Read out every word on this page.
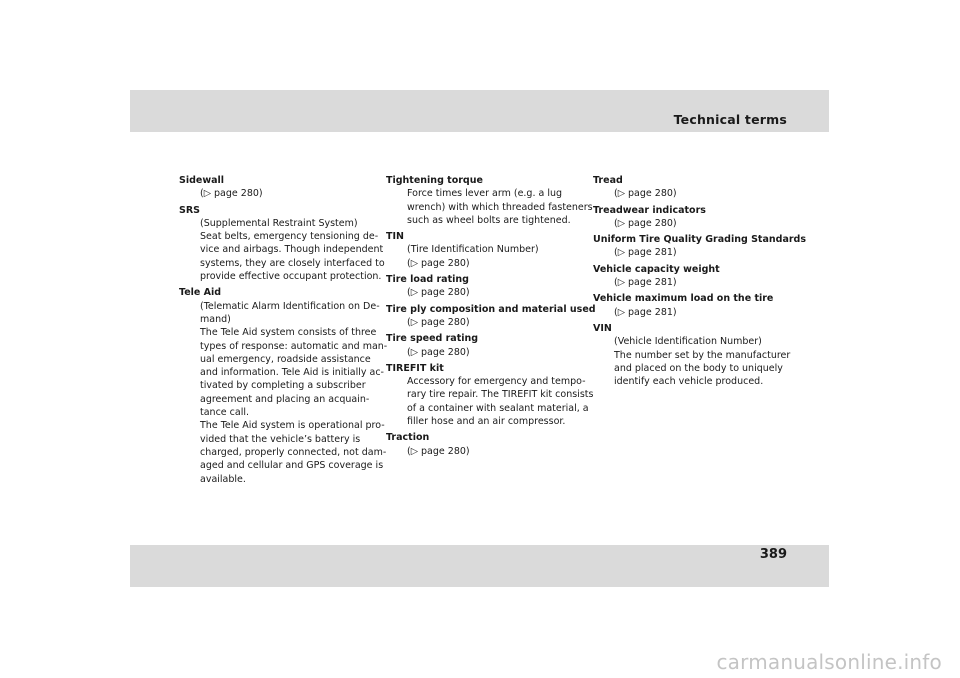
Technical terms
Sidewall
(▷ page 280)
SRS
(Supplemental Restraint System)
Seat belts, emergency tensioning de-
vice and airbags. Though independent
systems, they are closely interfaced to
provide effective occupant protection.
Tele Aid
(Telematic Alarm Identification on De-
mand)
The Tele Aid system consists of three
types of response: automatic and man-
ual emergency, roadside assistance
and information. Tele Aid is initially ac-
tivated by completing a subscriber
agreement and placing an acquain-
tance call.
The Tele Aid system is operational pro-
vided that the vehicle’s battery is
charged, properly connected, not dam-
aged and cellular and GPS coverage is
available.
Tightening torque
Force times lever arm (e.g. a lug
wrench) with which threaded fasteners
such as wheel bolts are tightened.
TIN
(Tire Identification Number)
(▷ page 280)
Tire load rating
(▷ page 280)
Tire ply composition and material used
(▷ page 280)
Tire speed rating
(▷ page 280)
TIREFIT kit
Accessory for emergency and tempo-
rary tire repair. The TIREFIT kit consists
of a container with sealant material, a
filler hose and an air compressor.
Traction
(▷ page 280)
Tread
(▷ page 280)
Treadwear indicators
(▷ page 280)
Uniform Tire Quality Grading Standards
(▷ page 281)
Vehicle capacity weight
(▷ page 281)
Vehicle maximum load on the tire
(▷ page 281)
VIN
(Vehicle Identification Number)
The number set by the manufacturer
and placed on the body to uniquely
identify each vehicle produced.

389

carmanualsonline.info
